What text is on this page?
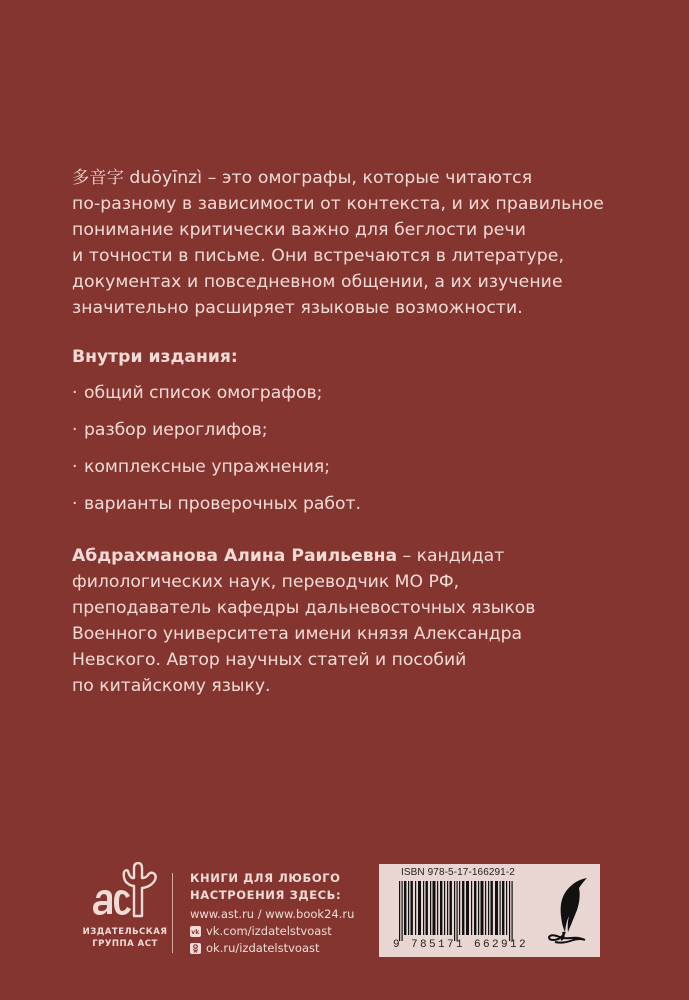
多音字 duōyīnzì – это омографы, которые читаются
по-разному в зависимости от контекста, и их правильное
понимание критически важно для беглости речи
и точности в письме. Они встречаются в литературе,
документах и повседневном общении, а их изучение
значительно расширяет языковые возможности.
Внутри издания:
· общий список омографов;
· разбор иероглифов;
· комплексные упражнения;
· варианты проверочных работ.
Абдрахманова Алина Раильевна – кандидат
филологических наук, переводчик МО РФ,
преподаватель кафедры дальневосточных языков
Военного университета имени князя Александра
Невского. Автор научных статей и пособий
по китайскому языку.
ИЗДАТЕЛЬСКАЯ
ГРУППА АСТ
КНИГИ ДЛЯ ЛЮБОГО
НАСТРОЕНИЯ ЗДЕСЬ:
www.ast.ru / www.book24.ru
vk vk.com/izdatelstvoast
ok.ru/izdatelstvoast
ISBN 978-5-17-166291-2
9 785171 662912
